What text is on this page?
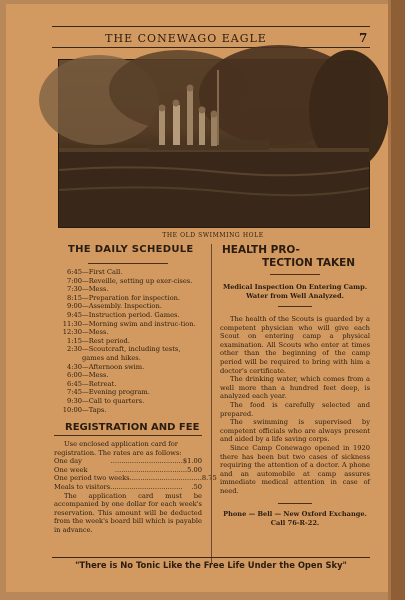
THE CONEWAGO EAGLE	7
THE OLD SWIMMING HOLE
THE DAILY SCHEDULE
6:45 —First Call.
7:00 —Reveille, setting up exer-cises.
7:30 —Mess.
8:15 —Preparation for inspection.
9:00 —Assembly. Inspection.
9:45 —Instruction period. Games.
11:30 —Morning swim and instruc-tion.
12:30 —Mess.
1:15 —Rest period.
2:30 —Scoutcraft, including tests, games and hikes.
4:30 —Afternoon swim.
6:00 —Mess.
6:45 —Retreat.
7:45 —Evening program.
9:30 —Call to quarters.
10:00 —Taps.
REGISTRATION AND FEE

Use enclosed application card for registration. The rates are as follows:

One day	.................................. $1.00
One week	.................................. 5.00
One period two weeks .................................. 8.75
Meals to visitors ..................................	.50

The application card must be accompanied by one dollar for each week's reservation. This amount will be deducted from the week's board bill which is payable in advance.

HEALTH PRO-
TECTION TAKEN

Medical Inspection On Entering Camp. Water from Well Analyzed.

The health of the Scouts is guarded by a competent physician who will give each Scout on entering camp a physical examination. All Scouts who enter at times other than the beginning of the camp period will be required to bring with him a doctor's certificate.

The drinking water, which comes from a well more than a hundred feet deep, is analyzed each year.

The food is carefully selected and prepared.

The swimming is supervised by competent officials who are always present and aided by a life saving corps.

Since Camp Conewago opened in 1920 there has been but two cases of sickness requiring the attention of a doctor. A phone and an automobile at camp assures immediate medical attention in case of need.

Phone — Bell — New Oxford Exchange. Call 76-R-22.
"There is No Tonic Like the Free Life Under the Open Sky"
